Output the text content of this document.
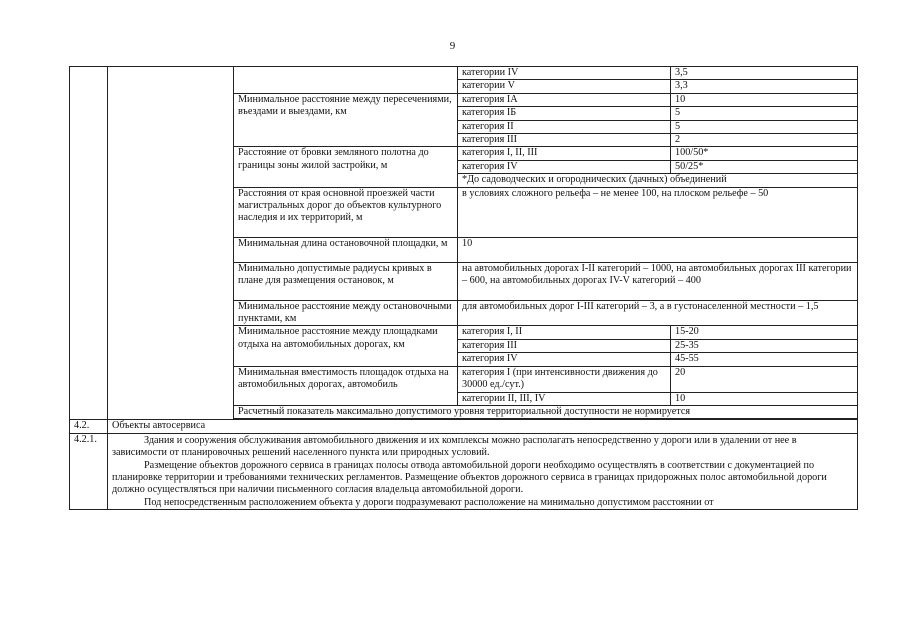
9
			категории IV	3,5
			категории V	3,3
		Минимальное расстояние между пересечениями, въездами и выездами, км	категория IА	10
			категория IБ	5
			категория II	5
			категория III	2
		Расстояние от бровки земляного полотна до границы зоны жилой застройки, м	категория I, II, III	100/50*
			категория IV	50/25*
			*До садоводческих и огороднических (дачных) объединений	
		Расстояния от края основной проезжей части магистральных дорог до объектов культурного наследия и их территорий, м	в условиях сложного рельефа – не менее 100, на плоском рельефе – 50	
		Минимальная длина остановочной площадки, м	10	
		Минимально допустимые радиусы кривых в плане для размещения остановок, м	на автомобильных дорогах I-II категорий – 1000, на автомобильных дорогах III категории – 600, на автомобильных дорогах IV-V категорий – 400	
		Минимальное расстояние между остановочными пунктами, км	для автомобильных дорог I-III категорий – 3, а в густонаселенной местности – 1,5	
		Минимальное расстояние между площадками отдыха на автомобильных дорогах, км	категория I, II	15-20
			категория III	25-35
			категория IV	45-55
		Минимальная вместимость площадок отдыха на автомобильных дорогах, автомобиль	категория I (при интенсивности движения до 30000 ед./сут.)	20
			категории II, III, IV	10
		Расчетный показатель максимально допустимого уровня территориальной доступности не нормируется		

4.2.	Объекты автосервиса			
4.2.1.	Здания и сооружения обслуживания автомобильного движения и их комплексы можно располагать непосредственно у дороги или в удалении от нее в зависимости от планировочных решений населенного пункта или природных условий.

Размещение объектов дорожного сервиса в границах полосы отвода автомобильной дороги необходимо осуществлять в соответствии с документацией по планировке территории и требованиями технических регламентов. Размещение объектов дорожного сервиса в границах придорожных полос автомобильной дороги должно осуществляться при наличии письменного согласия владельца автомобильной дороги.

Под непосредственным расположением объекта у дороги подразумевают расположение на минимально допустимом расстоянии от			
